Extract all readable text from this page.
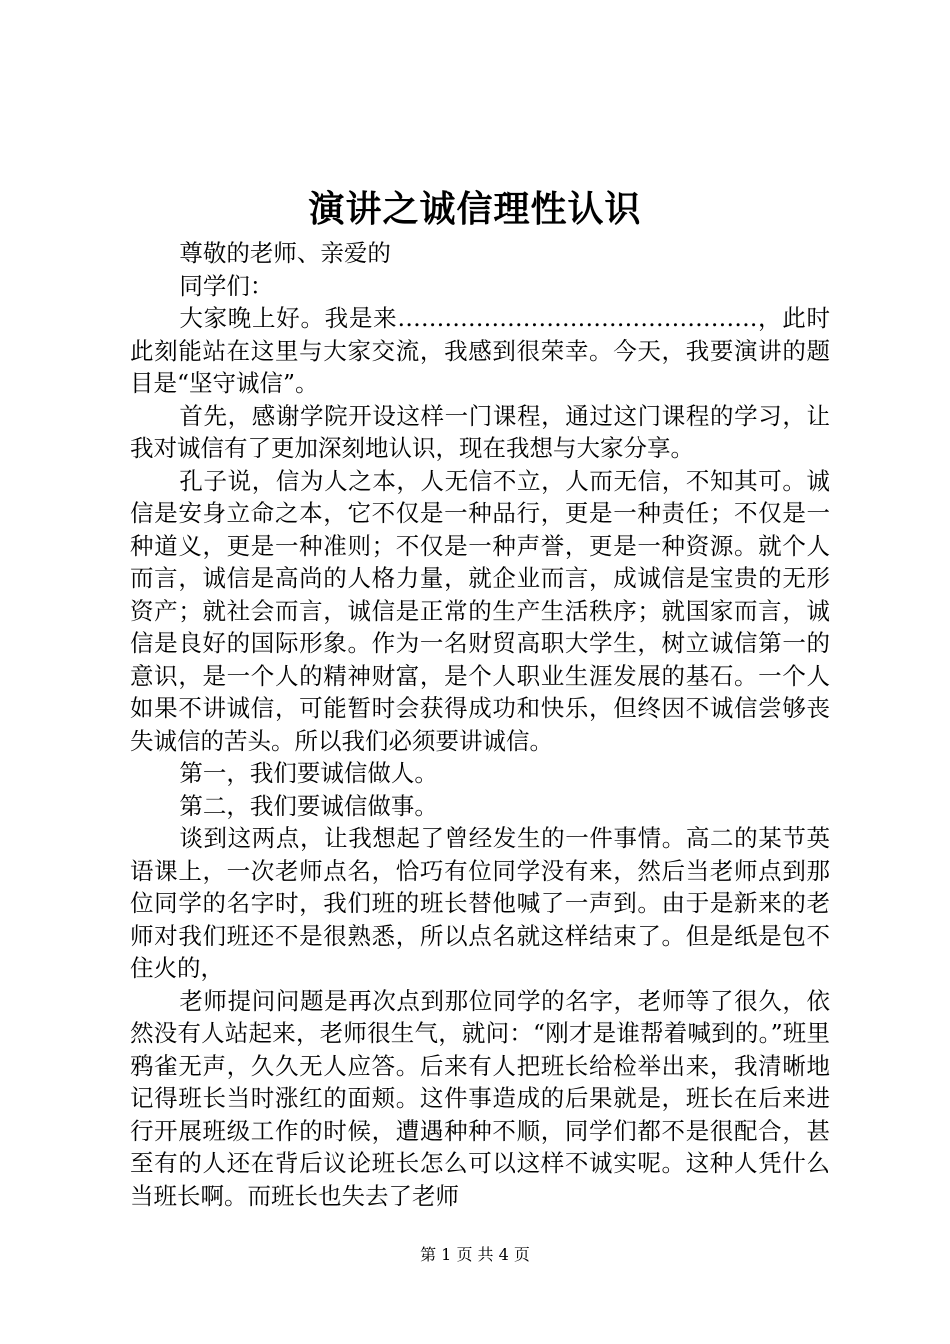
演讲之诚信理性认识

尊敬的老师、亲爱的

同学们：

大家晚上好。我是来……………………………………….，此时此刻能站在这里与大家交流，我感到很荣幸。今天，我要演讲的题目是“坚守诚信”。

首先，感谢学院开设这样一门课程，通过这门课程的学习，让我对诚信有了更加深刻地认识，现在我想与大家分享。

孔子说，信为人之本，人无信不立，人而无信，不知其可。诚信是安身立命之本，它不仅是一种品行，更是一种责任；不仅是一种道义，更是一种准则；不仅是一种声誉，更是一种资源。就个人而言，诚信是高尚的人格力量，就企业而言，成诚信是宝贵的无形资产；就社会而言，诚信是正常的生产生活秩序；就国家而言，诚信是良好的国际形象。作为一名财贸高职大学生，树立诚信第一的意识，是一个人的精神财富，是个人职业生涯发展的基石。一个人如果不讲诚信，可能暂时会获得成功和快乐，但终因不诚信尝够丧失诚信的苦头。所以我们必须要讲诚信。

第一，我们要诚信做人。

第二，我们要诚信做事。

谈到这两点，让我想起了曾经发生的一件事情。高二的某节英语课上，一次老师点名，恰巧有位同学没有来，然后当老师点到那位同学的名字时，我们班的班长替他喊了一声到。由于是新来的老师对我们班还不是很熟悉，所以点名就这样结束了。但是纸是包不住火的，

老师提问问题是再次点到那位同学的名字，老师等了很久，依然没有人站起来，老师很生气，就问：“刚才是谁帮着喊到的。”班里鸦雀无声，久久无人应答。后来有人把班长给检举出来，我清晰地记得班长当时涨红的面颊。这件事造成的后果就是，班长在后来进行开展班级工作的时候，遭遇种种不顺，同学们都不是很配合，甚至有的人还在背后议论班长怎么可以这样不诚实呢。这种人凭什么当班长啊。而班长也失去了老师

第 1 页 共 4 页
